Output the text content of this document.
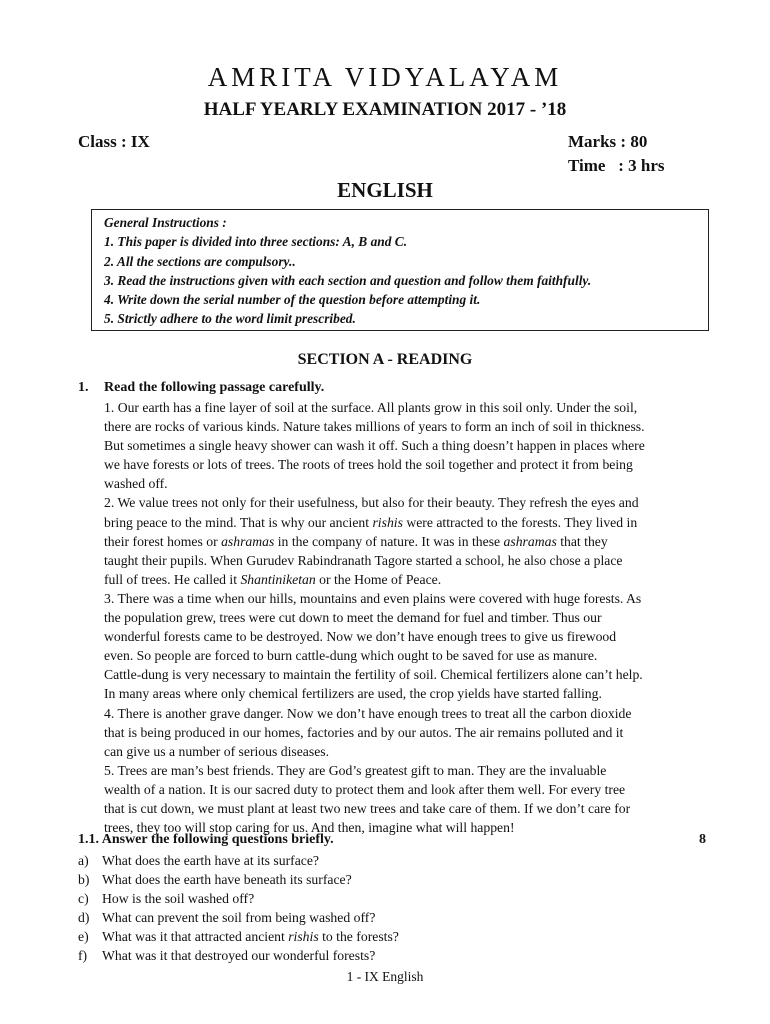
AMRITA VIDYALAYAM
HALF YEARLY EXAMINATION 2017 - ’18
Class : IX	Marks : 80
Time   : 3 hrs
ENGLISH
General Instructions :
1. This paper is divided into three sections: A, B and C.
2. All the sections are compulsory..
3. Read the instructions given with each section and question and follow them faithfully.
4. Write down the serial number of the question before attempting it.
5. Strictly adhere to the word limit prescribed.
SECTION A - READING
1. Read the following passage carefully.
1. Our earth has a fine layer of soil at the surface. All plants grow in this soil only. Under the soil,
there are rocks of various kinds. Nature takes millions of years to form an inch of soil in thickness.
But sometimes a single heavy shower can wash it off. Such a thing doesn’t happen in places where
we have forests or lots of trees. The roots of trees hold the soil together and protect it from being
washed off.
2. We value trees not only for their usefulness, but also for their beauty. They refresh the eyes and
bring peace to the mind. That is why our ancient rishis were attracted to the forests. They lived in
their forest homes or ashramas in the company of nature. It was in these ashramas that they
taught their pupils. When Gurudev Rabindranath Tagore started a school, he also chose a place
full of trees. He called it Shantiniketan or the Home of Peace.
3. There was a time when our hills, mountains and even plains were covered with huge forests. As
the population grew, trees were cut down to meet the demand for fuel and timber. Thus our
wonderful forests came to be destroyed. Now we don’t have enough trees to give us firewood
even. So people are forced to burn cattle-dung which ought to be saved for use as manure.
Cattle-dung is very necessary to maintain the fertility of soil. Chemical fertilizers alone can’t help.
In many areas where only chemical fertilizers are used, the crop yields have started falling.
4. There is another grave danger. Now we don’t have enough trees to treat all the carbon dioxide
that is being produced in our homes, factories and by our autos. The air remains polluted and it
can give us a number of serious diseases.
5. Trees are man’s best friends. They are God’s greatest gift to man. They are the invaluable
wealth of a nation. It is our sacred duty to protect them and look after them well. For every tree
that is cut down, we must plant at least two new trees and take care of them. If we don’t care for
trees, they too will stop caring for us. And then, imagine what will happen!
1.1. Answer the following questions briefly.	8
a) What does the earth have at its surface?
b) What does the earth have beneath its surface?
c) How is the soil washed off?
d) What can prevent the soil from being washed off?
e) What was it that attracted ancient rishis to the forests?
f) What was it that destroyed our wonderful forests?
1 - IX English
